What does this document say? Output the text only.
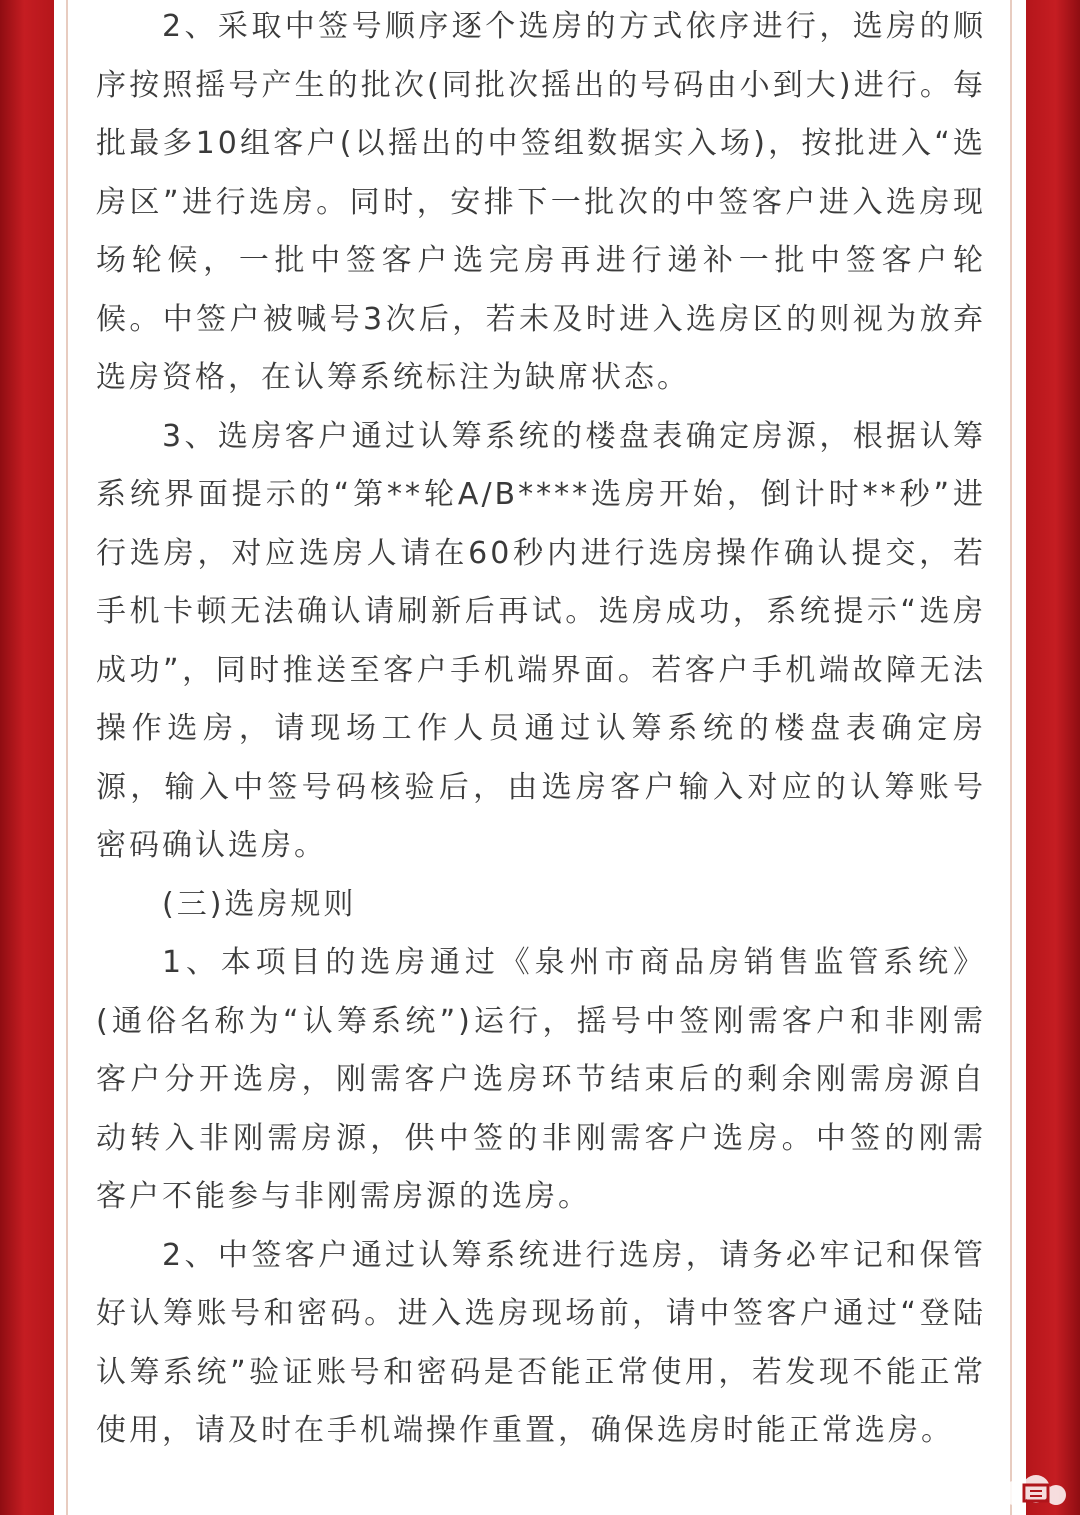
2、采取中签号顺序逐个选房的方式依序进行，选房的顺序按照摇号产生的批次(同批次摇出的号码由小到大)进行。每批最多10组客户(以摇出的中签组数据实入场)，按批进入“选房区”进行选房。同时，安排下一批次的中签客户进入选房现场轮候，一批中签客户选完房再进行递补一批中签客户轮候。中签户被喊号3次后，若未及时进入选房区的则视为放弃选房资格，在认筹系统标注为缺席状态。

3、选房客户通过认筹系统的楼盘表确定房源，根据认筹系统界面提示的“第**轮A/B****选房开始，倒计时**秒”进行选房，对应选房人请在60秒内进行选房操作确认提交，若手机卡顿无法确认请刷新后再试。选房成功，系统提示“选房成功”，同时推送至客户手机端界面。若客户手机端故障无法操作选房，请现场工作人员通过认筹系统的楼盘表确定房源，输入中签号码核验后，由选房客户输入对应的认筹账号密码确认选房。

(三)选房规则

1、本项目的选房通过《泉州市商品房销售监管系统》(通俗名称为“认筹系统”)运行，摇号中签刚需客户和非刚需客户分开选房，刚需客户选房环节结束后的剩余刚需房源自动转入非刚需房源，供中签的非刚需客户选房。中签的刚需客户不能参与非刚需房源的选房。

2、中签客户通过认筹系统进行选房，请务必牢记和保管好认筹账号和密码。进入选房现场前，请中签客户通过“登陆认筹系统”验证账号和密码是否能正常使用，若发现不能正常使用，请及时在手机端操作重置，确保选房时能正常选房。
